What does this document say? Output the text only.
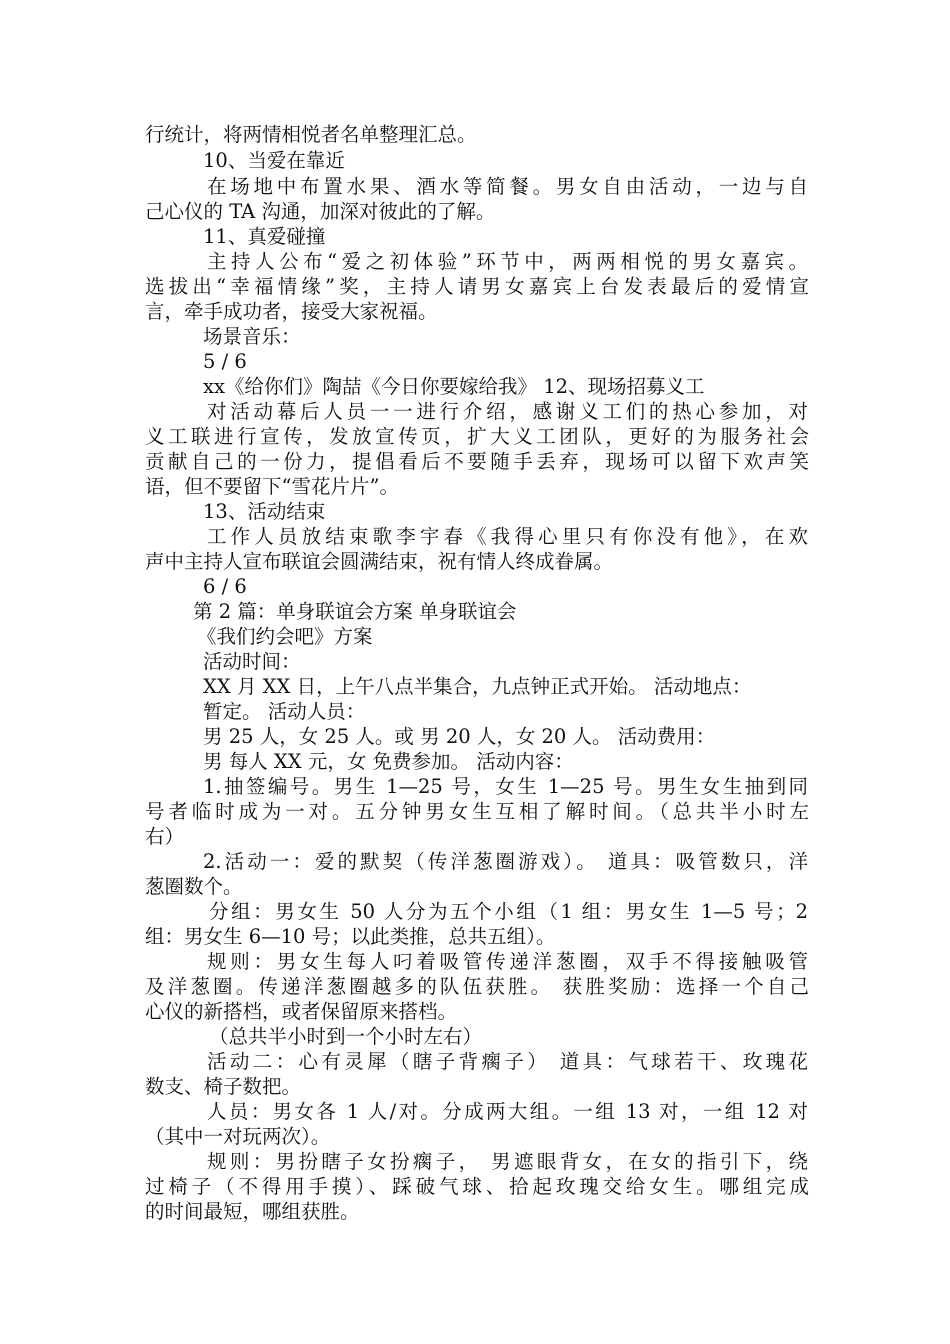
行统计，将两情相悦者名单整理汇总。
10、当爱在靠近
在场地中布置水果、酒水等简餐。男女自由活动，一边与自
己心仪的 TA 沟通，加深对彼此的了解。
11、真爱碰撞
主持人公布“爱之初体验”环节中，两两相悦的男女嘉宾。
选拔出“幸福情缘”奖，主持人请男女嘉宾上台发表最后的爱情宣
言，牵手成功者，接受大家祝福。
场景音乐：
5 / 6
xx《给你们》陶喆《今日你要嫁给我》 12、现场招募义工
对活动幕后人员一一进行介绍，感谢义工们的热心参加，对
义工联进行宣传，发放宣传页，扩大义工团队，更好的为服务社会
贡献自己的一份力，提倡看后不要随手丢弃，现场可以留下欢声笑
语，但不要留下“雪花片片”。
13、活动结束
工作人员放结束歌李宇春《我得心里只有你没有他》，在欢
声中主持人宣布联谊会圆满结束，祝有情人终成眷属。
6 / 6
第 2 篇：单身联谊会方案 单身联谊会
《我们约会吧》方案
活动时间：
XX 月 XX 日，上午八点半集合，九点钟正式开始。 活动地点：
暂定。 活动人员：
男 25 人，女 25 人。或 男 20 人，女 20 人。 活动费用：
男 每人 XX 元，女 免费参加。 活动内容：
1.抽签编号。男生 1—25 号，女生 1—25 号。男生女生抽到同
号者临时成为一对。五分钟男女生互相了解时间。（总共半小时左
右）
2.活动一：爱的默契（传洋葱圈游戏）。 道具：吸管数只，洋
葱圈数个。
分组：男女生 50 人分为五个小组（1 组：男女生 1—5 号；2
组：男女生 6—10 号；以此类推，总共五组）。
规则：男女生每人叼着吸管传递洋葱圈，双手不得接触吸管
及洋葱圈。传递洋葱圈越多的队伍获胜。 获胜奖励：选择一个自己
心仪的新搭档，或者保留原来搭档。
（总共半小时到一个小时左右）
活动二：心有灵犀（瞎子背瘸子） 道具：气球若干、玫瑰花
数支、椅子数把。
人员：男女各 1 人/对。分成两大组。一组 13 对，一组 12 对
（其中一对玩两次）。
规则：男扮瞎子女扮瘸子， 男遮眼背女，在女的指引下，绕
过椅子（不得用手摸）、踩破气球、拾起玫瑰交给女生。哪组完成
的时间最短，哪组获胜。
